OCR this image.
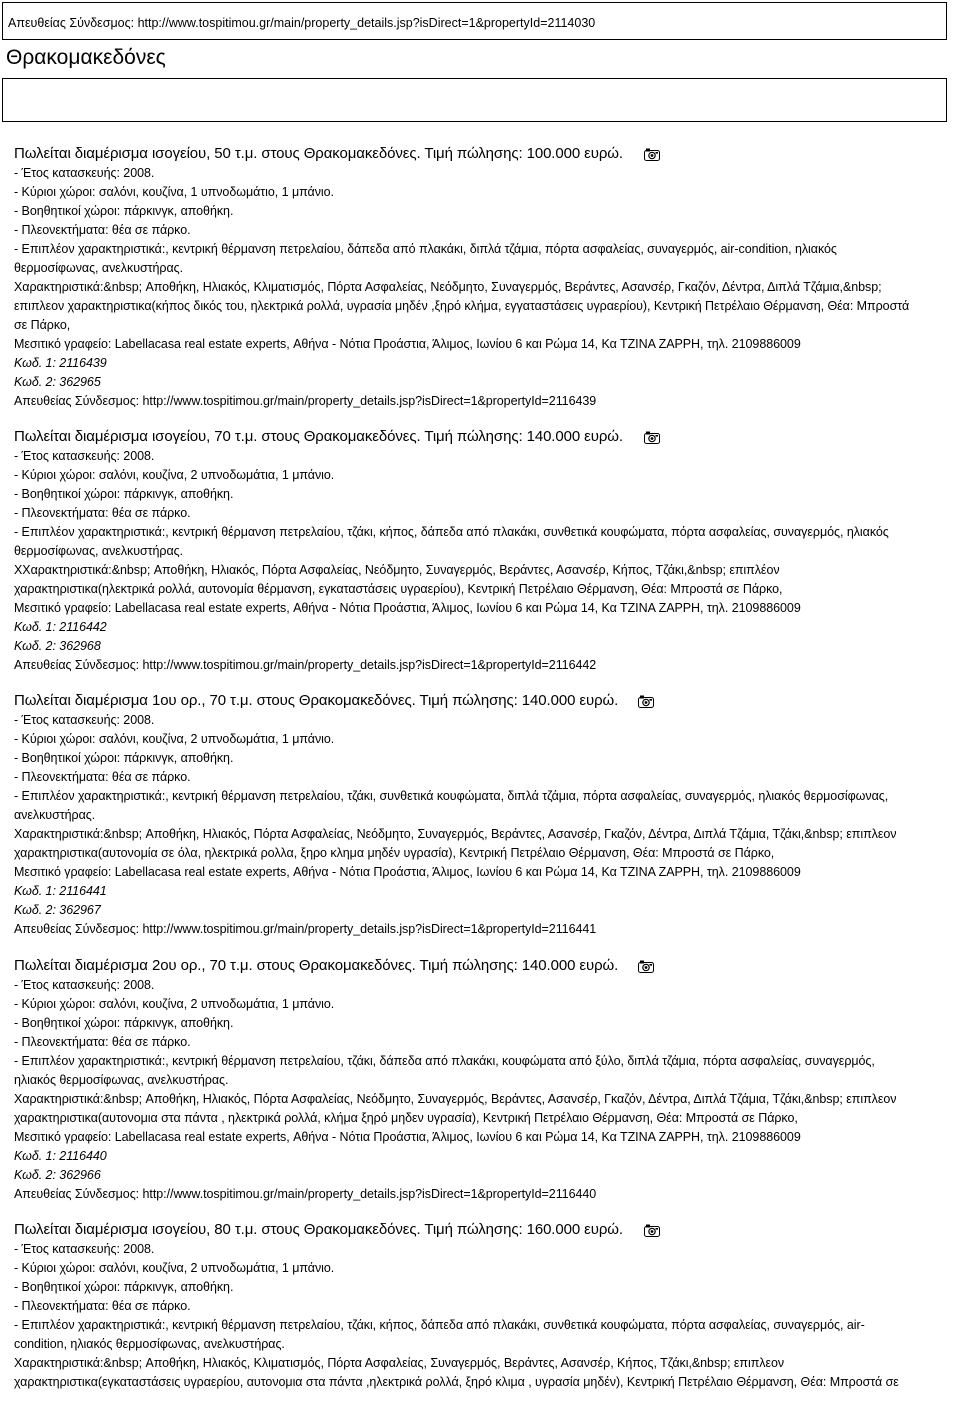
Απευθείας Σύνδεσμος: http://www.tospitimou.gr/main/property_details.jsp?isDirect=1&propertyId=2114030
Θρακομακεδόνες
Πωλείται διαμέρισμα ισογείου, 50 τ.μ. στους Θρακομακεδόνες. Τιμή πώλησης: 100.000 ευρώ.
- Έτος κατασκευής: 2008.
- Κύριοι χώροι: σαλόνι, κουζίνα, 1 υπνοδωμάτιο, 1 μπάνιο.
- Βοηθητικοί χώροι: πάρκινγκ, αποθήκη.
- Πλεονεκτήματα: θέα σε πάρκο.
- Επιπλέον χαρακτηριστικά:, κεντρική θέρμανση πετρελαίου, δάπεδα από πλακάκι, διπλά τζάμια, πόρτα ασφαλείας, συναγερμός, air-condition, ηλιακός
θερμοσίφωνας, ανελκυστήρας.
Χαρακτηριστικά:&nbsp; Αποθήκη, Ηλιακός, Κλιματισμός, Πόρτα Ασφαλείας, Νεόδμητο, Συναγερμός, Βεράντες, Ασανσέρ, Γκαζόν, Δέντρα, Διπλά Τζάμια,&nbsp;
επιπλεον χαρακτηριστικα(κήπος δικός του, ηλεκτρικά ρολλά, υγρασία μηδέν ,ξηρό κλήμα, εγγαταστάσεις υγραερίου), Κεντρική Πετρέλαιο Θέρμανση, Θέα: Μπροστά
σε Πάρκο,
Μεσιτικό γραφείο: Labellacasa real estate experts, Αθήνα - Νότια Προάστια, Άλιμος, Ιωνίου 6 και Ρώμα 14, Κα ΤΖΙΝΑ ΖΑΡΡΗ, τηλ. 2109886009
Κωδ. 1: 2116439
Κωδ. 2: 362965
Απευθείας Σύνδεσμος: http://www.tospitimou.gr/main/property_details.jsp?isDirect=1&propertyId=2116439
Πωλείται διαμέρισμα ισογείου, 70 τ.μ. στους Θρακομακεδόνες. Τιμή πώλησης: 140.000 ευρώ.
- Έτος κατασκευής: 2008.
- Κύριοι χώροι: σαλόνι, κουζίνα, 2 υπνοδωμάτια, 1 μπάνιο.
- Βοηθητικοί χώροι: πάρκινγκ, αποθήκη.
- Πλεονεκτήματα: θέα σε πάρκο.
- Επιπλέον χαρακτηριστικά:, κεντρική θέρμανση πετρελαίου, τζάκι, κήπος, δάπεδα από πλακάκι, συνθετικά κουφώματα, πόρτα ασφαλείας, συναγερμός, ηλιακός
θερμοσίφωνας, ανελκυστήρας.
ΧΧαρακτηριστικά:&nbsp; Αποθήκη, Ηλιακός, Πόρτα Ασφαλείας, Νεόδμητο, Συναγερμός, Βεράντες, Ασανσέρ, Κήπος, Τζάκι,&nbsp; επιπλέον
χαρακτηριστικα(ηλεκτρικά ρολλά, αυτονομία θέρμανση, εγκαταστάσεις υγραερίου), Κεντρική Πετρέλαιο Θέρμανση, Θέα: Μπροστά σε Πάρκο,
Μεσιτικό γραφείο: Labellacasa real estate experts, Αθήνα - Νότια Προάστια, Άλιμος, Ιωνίου 6 και Ρώμα 14, Κα ΤΖΙΝΑ ΖΑΡΡΗ, τηλ. 2109886009
Κωδ. 1: 2116442
Κωδ. 2: 362968
Απευθείας Σύνδεσμος: http://www.tospitimou.gr/main/property_details.jsp?isDirect=1&propertyId=2116442
Πωλείται διαμέρισμα 1ου ορ., 70 τ.μ. στους Θρακομακεδόνες. Τιμή πώλησης: 140.000 ευρώ.
- Έτος κατασκευής: 2008.
- Κύριοι χώροι: σαλόνι, κουζίνα, 2 υπνοδωμάτια, 1 μπάνιο.
- Βοηθητικοί χώροι: πάρκινγκ, αποθήκη.
- Πλεονεκτήματα: θέα σε πάρκο.
- Επιπλέον χαρακτηριστικά:, κεντρική θέρμανση πετρελαίου, τζάκι, συνθετικά κουφώματα, διπλά τζάμια, πόρτα ασφαλείας, συναγερμός, ηλιακός θερμοσίφωνας,
ανελκυστήρας.
Χαρακτηριστικά:&nbsp; Αποθήκη, Ηλιακός, Πόρτα Ασφαλείας, Νεόδμητο, Συναγερμός, Βεράντες, Ασανσέρ, Γκαζόν, Δέντρα, Διπλά Τζάμια, Τζάκι,&nbsp; επιπλεον
χαρακτηριστικα(αυτονομία σε όλα, ηλεκτρικά ρολλα, ξηρο κλημα μηδέν υγρασία), Κεντρική Πετρέλαιο Θέρμανση, Θέα: Μπροστά σε Πάρκο,
Μεσιτικό γραφείο: Labellacasa real estate experts, Αθήνα - Νότια Προάστια, Άλιμος, Ιωνίου 6 και Ρώμα 14, Κα ΤΖΙΝΑ ΖΑΡΡΗ, τηλ. 2109886009
Κωδ. 1: 2116441
Κωδ. 2: 362967
Απευθείας Σύνδεσμος: http://www.tospitimou.gr/main/property_details.jsp?isDirect=1&propertyId=2116441
Πωλείται διαμέρισμα 2ου ορ., 70 τ.μ. στους Θρακομακεδόνες. Τιμή πώλησης: 140.000 ευρώ.
- Έτος κατασκευής: 2008.
- Κύριοι χώροι: σαλόνι, κουζίνα, 2 υπνοδωμάτια, 1 μπάνιο.
- Βοηθητικοί χώροι: πάρκινγκ, αποθήκη.
- Πλεονεκτήματα: θέα σε πάρκο.
- Επιπλέον χαρακτηριστικά:, κεντρική θέρμανση πετρελαίου, τζάκι, δάπεδα από πλακάκι, κουφώματα από ξύλο, διπλά τζάμια, πόρτα ασφαλείας, συναγερμός,
ηλιακός θερμοσίφωνας, ανελκυστήρας.
Χαρακτηριστικά:&nbsp; Αποθήκη, Ηλιακός, Πόρτα Ασφαλείας, Νεόδμητο, Συναγερμός, Βεράντες, Ασανσέρ, Γκαζόν, Δέντρα, Διπλά Τζάμια, Τζάκι,&nbsp; επιπλεον
χαρακτηριστικα(αυτονομια στα πάντα , ηλεκτρικά ρολλά, κλήμα ξηρό μηδεν υγρασία), Κεντρική Πετρέλαιο Θέρμανση, Θέα: Μπροστά σε Πάρκο,
Μεσιτικό γραφείο: Labellacasa real estate experts, Αθήνα - Νότια Προάστια, Άλιμος, Ιωνίου 6 και Ρώμα 14, Κα ΤΖΙΝΑ ΖΑΡΡΗ, τηλ. 2109886009
Κωδ. 1: 2116440
Κωδ. 2: 362966
Απευθείας Σύνδεσμος: http://www.tospitimou.gr/main/property_details.jsp?isDirect=1&propertyId=2116440
Πωλείται διαμέρισμα ισογείου, 80 τ.μ. στους Θρακομακεδόνες. Τιμή πώλησης: 160.000 ευρώ.
- Έτος κατασκευής: 2008.
- Κύριοι χώροι: σαλόνι, κουζίνα, 2 υπνοδωμάτια, 1 μπάνιο.
- Βοηθητικοί χώροι: πάρκινγκ, αποθήκη.
- Πλεονεκτήματα: θέα σε πάρκο.
- Επιπλέον χαρακτηριστικά:, κεντρική θέρμανση πετρελαίου, τζάκι, κήπος, δάπεδα από πλακάκι, συνθετικά κουφώματα, πόρτα ασφαλείας, συναγερμός, air-
condition, ηλιακός θερμοσίφωνας, ανελκυστήρας.
Χαρακτηριστικά:&nbsp; Αποθήκη, Ηλιακός, Κλιματισμός, Πόρτα Ασφαλείας, Συναγερμός, Βεράντες, Ασανσέρ, Κήπος, Τζάκι,&nbsp; επιπλεον
χαρακτηριστικα(εγκαταστάσεις υγραερίου, αυτονομια στα πάντα ,ηλεκτρικά ρολλά, ξηρό κλιμα , υγρασία μηδέν), Κεντρική Πετρέλαιο Θέρμανση, Θέα: Μπροστά σε
